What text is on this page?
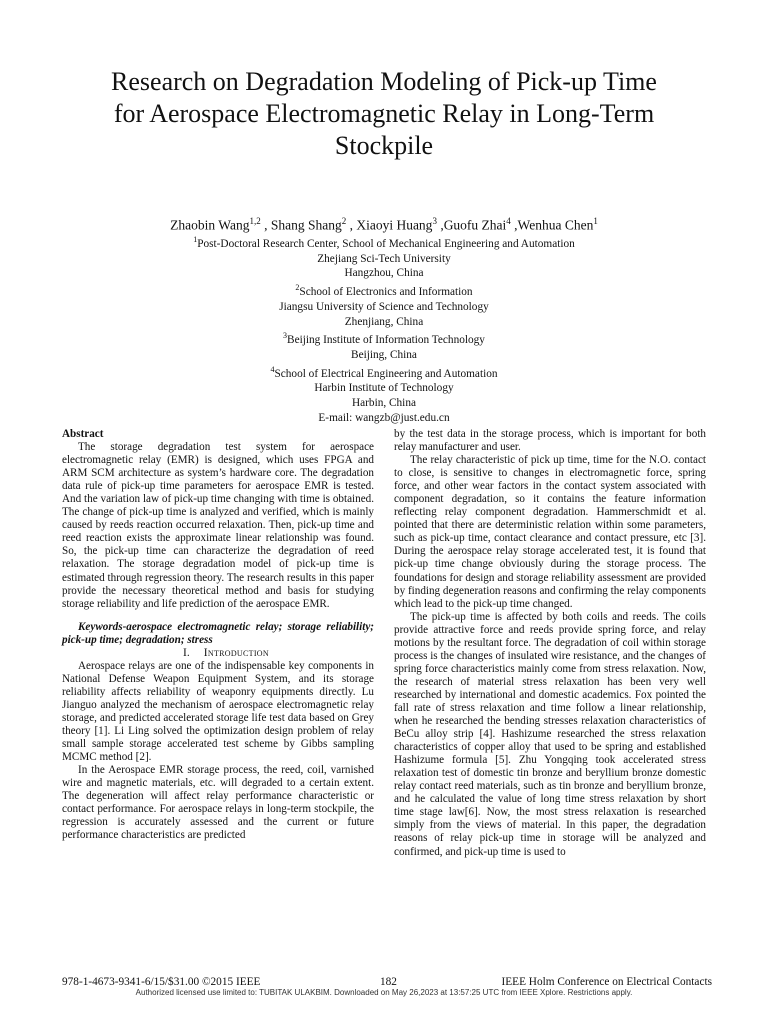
Research on Degradation Modeling of Pick-up Time
for Aerospace Electromagnetic Relay in Long-Term
Stockpile
Zhaobin Wang$^{1,2}$ , Shang Shang$^2$ , Xiaoyi Huang$^3$ ,Guofu Zhai$^4$ ,Wenhua Chen$^1$
$^1$Post-Doctoral Research Center, School of Mechanical Engineering and Automation
Zhejiang Sci-Tech University
Hangzhou, China
$^2$School of Electronics and Information
Jiangsu University of Science and Technology
Zhenjiang, China
$^3$Beijing Institute of Information Technology
Beijing, China
$^4$School of Electrical Engineering and Automation
Harbin Institute of Technology
Harbin, China
E-mail: wangzb@just.edu.cn

Abstract

The storage degradation test system for aerospace electromagnetic relay (EMR) is designed, which uses FPGA and ARM SCM architecture as system’s hardware core. The degradation data rule of pick-up time parameters for aerospace EMR is tested. And the variation law of pick-up time changing with time is obtained. The change of pick-up time is analyzed and verified, which is mainly caused by reeds reaction occurred relaxation. Then, pick-up time and reed reaction exists the approximate linear relationship was found. So, the pick-up time can characterize the degradation of reed relaxation. The storage degradation model of pick-up time is estimated through regression theory. The research results in this paper provide the necessary theoretical method and basis for studying storage reliability and life prediction of the aerospace EMR.

Keywords-aerospace electromagnetic relay; storage reliability; pick-up time; degradation; stress

I. Introduction

Aerospace relays are one of the indispensable key components in National Defense Weapon Equipment System, and its storage reliability affects reliability of weaponry equipments directly. Lu Jianguo analyzed the mechanism of aerospace electromagnetic relay storage, and predicted accelerated storage life test data based on Grey theory [1]. Li Ling solved the optimization design problem of relay small sample storage accelerated test scheme by Gibbs sampling MCMC method [2].

In the Aerospace EMR storage process, the reed, coil, varnished wire and magnetic materials, etc. will degraded to a certain extent. The degeneration will affect relay performance characteristic or contact performance. For aerospace relays in long-term stockpile, the regression is accurately assessed and the current or future performance characteristics are predicted

by the test data in the storage process, which is important for both relay manufacturer and user.

The relay characteristic of pick up time, time for the N.O. contact to close, is sensitive to changes in electromagnetic force, spring force, and other wear factors in the contact system associated with component degradation, so it contains the feature information reflecting relay component degradation. Hammerschmidt et al. pointed that there are deterministic relation within some parameters, such as pick-up time, contact clearance and contact pressure, etc [3]. During the aerospace relay storage accelerated test, it is found that pick-up time change obviously during the storage process. The foundations for design and storage reliability assessment are provided by finding degeneration reasons and confirming the relay components which lead to the pick-up time changed.

The pick-up time is affected by both coils and reeds. The coils provide attractive force and reeds provide spring force, and relay motions by the resultant force. The degradation of coil within storage process is the changes of insulated wire resistance, and the changes of spring force characteristics mainly come from stress relaxation. Now, the research of material stress relaxation has been very well researched by international and domestic academics. Fox pointed the fall rate of stress relaxation and time follow a linear relationship, when he researched the bending stresses relaxation characteristics of BeCu alloy strip [4]. Hashizume researched the stress relaxation characteristics of copper alloy that used to be spring and established Hashizume formula [5]. Zhu Yongqing took accelerated stress relaxation test of domestic tin bronze and beryllium bronze domestic relay contact reed materials, such as tin bronze and beryllium bronze, and he calculated the value of long time stress relaxation by short time stage law[6]. Now, the most stress relaxation is researched simply from the views of material. In this paper, the degradation reasons of relay pick-up time in storage will be analyzed and confirmed, and pick-up time is used to

978-1-4673-9341-6/15/$31.00 ©2015 IEEE	182	IEEE Holm Conference on Electrical Contacts
Authorized licensed use limited to: TUBITAK ULAKBIM. Downloaded on May 26,2023 at 13:57:25 UTC from IEEE Xplore. Restrictions apply.
